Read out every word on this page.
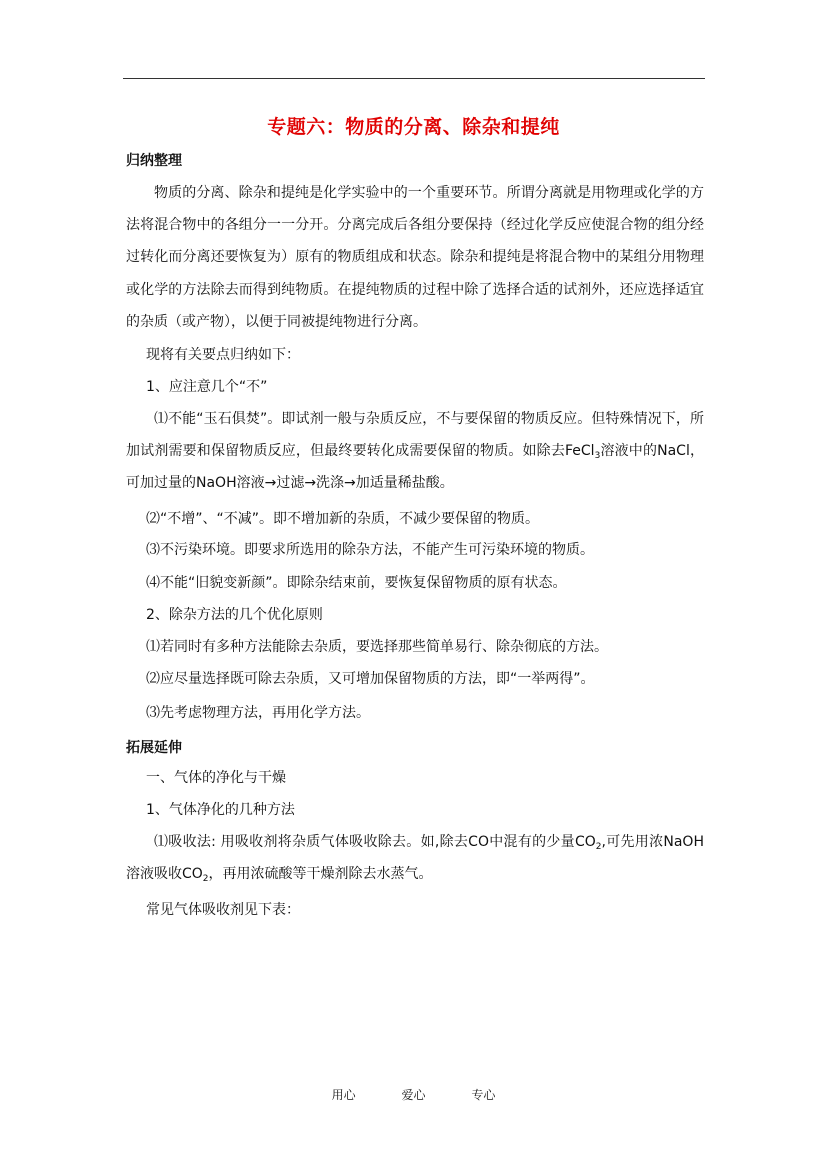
专题六：物质的分离、除杂和提纯
归纳整理
物质的分离、除杂和提纯是化学实验中的一个重要环节。所谓分离就是用物理或化学的方法将混合物中的各组分一一分开。分离完成后各组分要保持（经过化学反应使混合物的组分经过转化而分离还要恢复为）原有的物质组成和状态。除杂和提纯是将混合物中的某组分用物理或化学的方法除去而得到纯物质。在提纯物质的过程中除了选择合适的试剂外，还应选择适宜的杂质（或产物），以便于同被提纯物进行分离。
现将有关要点归纳如下：
1、应注意几个“不”
⑴不能“玉石俱焚”。即试剂一般与杂质反应，不与要保留的物质反应。但特殊情况下，所加试剂需要和保留物质反应，但最终要转化成需要保留的物质。如除去FeCl$_3$溶液中的NaCl，可加过量的NaOH溶液→过滤→洗涤→加适量稀盐酸。
⑵“不增”、“不减”。即不增加新的杂质，不减少要保留的物质。
⑶不污染环境。即要求所选用的除杂方法，不能产生可污染环境的物质。
⑷不能“旧貌变新颜”。即除杂结束前，要恢复保留物质的原有状态。
2、除杂方法的几个优化原则
⑴若同时有多种方法能除去杂质，要选择那些简单易行、除杂彻底的方法。
⑵应尽量选择既可除去杂质，又可增加保留物质的方法，即“一举两得”。
⑶先考虑物理方法，再用化学方法。
拓展延伸
一、气体的净化与干燥
1、气体净化的几种方法
⑴吸收法: 用吸收剂将杂质气体吸收除去。如,除去CO中混有的少量$CO_2$,可先用浓NaOH溶液吸收$CO_2$，再用浓硫酸等干燥剂除去水蒸气。
常见气体吸收剂见下表：
用心	爱心	专心
